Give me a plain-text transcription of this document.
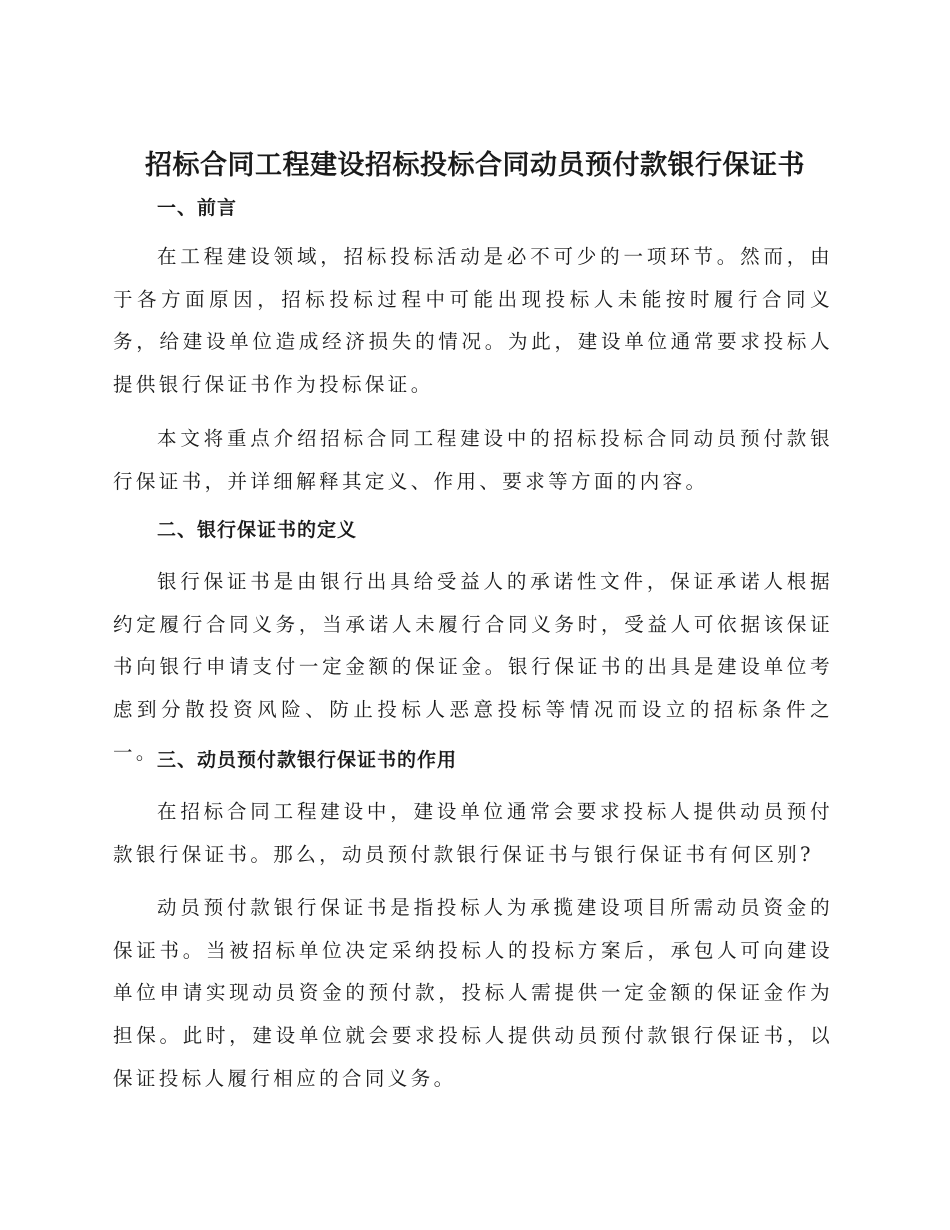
招标合同工程建设招标投标合同动员预付款银行保证书
一、前言

在工程建设领域，招标投标活动是必不可少的一项环节。然而，由于各方面原因，招标投标过程中可能出现投标人未能按时履行合同义务，给建设单位造成经济损失的情况。为此，建设单位通常要求投标人提供银行保证书作为投标保证。

本文将重点介绍招标合同工程建设中的招标投标合同动员预付款银行保证书，并详细解释其定义、作用、要求等方面的内容。

二、银行保证书的定义

银行保证书是由银行出具给受益人的承诺性文件，保证承诺人根据约定履行合同义务，当承诺人未履行合同义务时，受益人可依据该保证书向银行申请支付一定金额的保证金。银行保证书的出具是建设单位考虑到分散投资风险、防止投标人恶意投标等情况而设立的招标条件之一。

三、动员预付款银行保证书的作用

在招标合同工程建设中，建设单位通常会要求投标人提供动员预付款银行保证书。那么，动员预付款银行保证书与银行保证书有何区别?

动员预付款银行保证书是指投标人为承揽建设项目所需动员资金的保证书。当被招标单位决定采纳投标人的投标方案后，承包人可向建设单位申请实现动员资金的预付款，投标人需提供一定金额的保证金作为担保。此时，建设单位就会要求投标人提供动员预付款银行保证书，以保证投标人履行相应的合同义务。
